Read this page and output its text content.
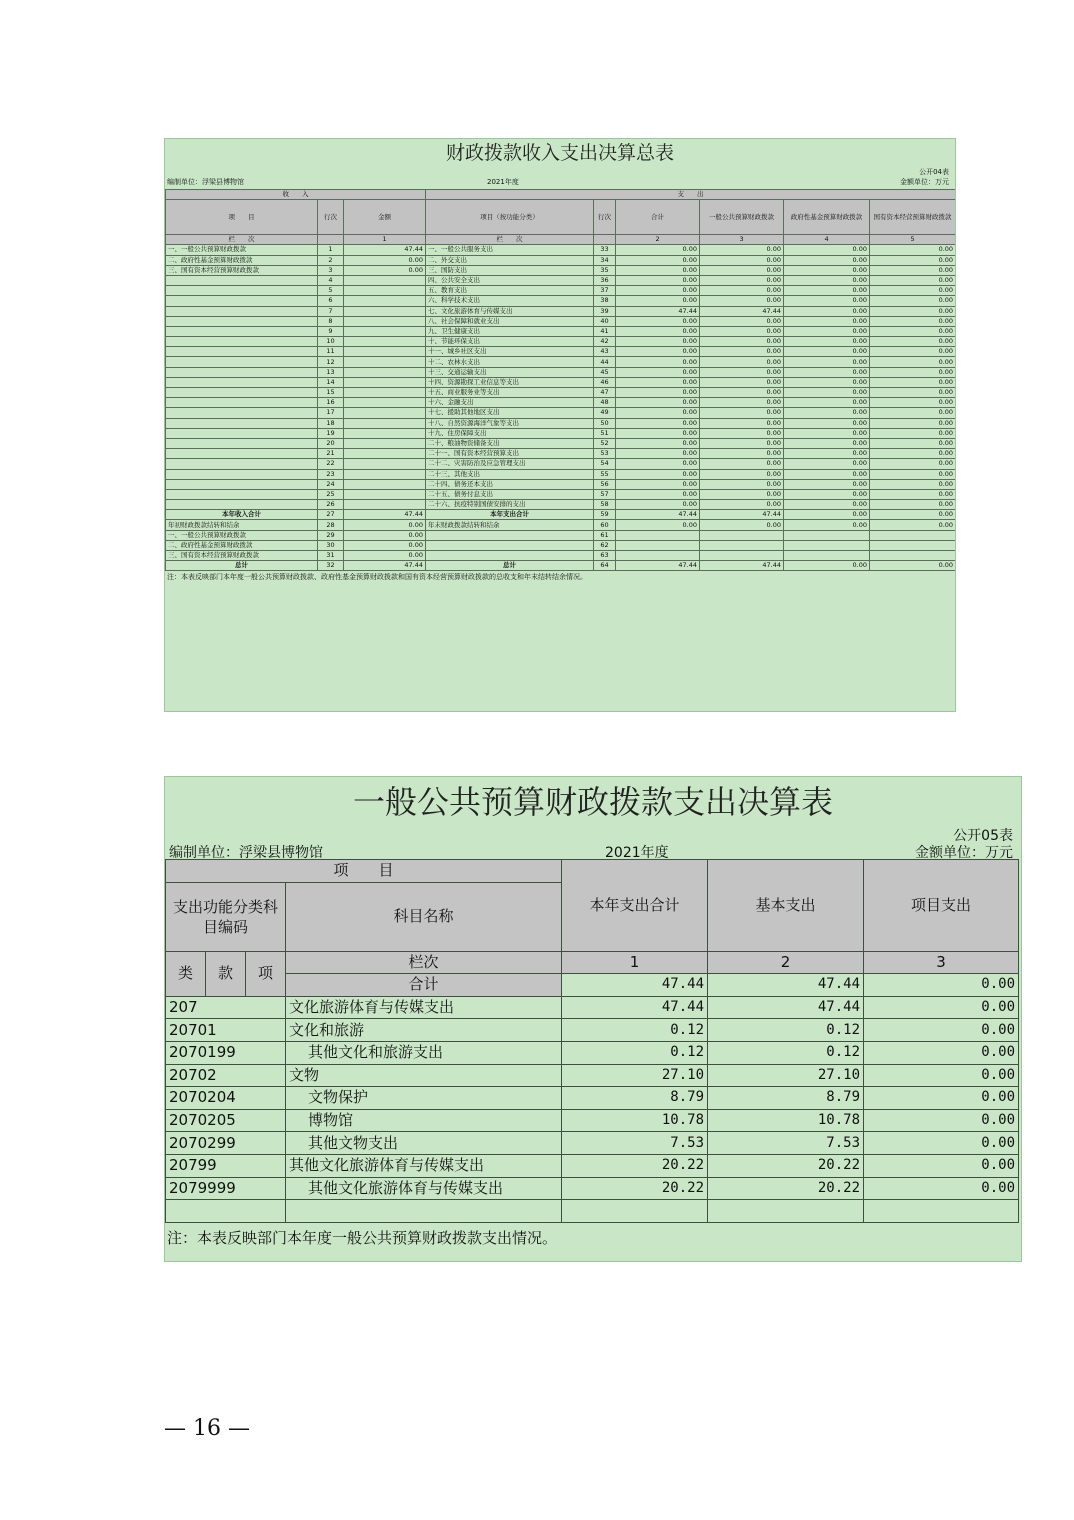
财政拨款收入支出决算总表
公开04表
编制单位：浮梁县博物馆	2021年度	金额单位：万元
收　　入			支　　出					
项　　目	行次	金额	项目（按功能分类）	行次	合计	一般公共预算财政拨款	政府性基金预算财政拨款	国有资本经营预算财政拨款
栏　　次		1	栏　　次		2	3	4	5
一、一般公共预算财政拨款	1	47.44	一、一般公共服务支出	33	0.00	0.00	0.00	0.00
二、政府性基金预算财政拨款	2	0.00	二、外交支出	34	0.00	0.00	0.00	0.00
三、国有资本经营预算财政拨款	3	0.00	三、国防支出	35	0.00	0.00	0.00	0.00
	4		四、公共安全支出	36	0.00	0.00	0.00	0.00
	5		五、教育支出	37	0.00	0.00	0.00	0.00
	6		六、科学技术支出	38	0.00	0.00	0.00	0.00
	7		七、文化旅游体育与传媒支出	39	47.44	47.44	0.00	0.00
	8		八、社会保障和就业支出	40	0.00	0.00	0.00	0.00
	9		九、卫生健康支出	41	0.00	0.00	0.00	0.00
	10		十、节能环保支出	42	0.00	0.00	0.00	0.00
	11		十一、城乡社区支出	43	0.00	0.00	0.00	0.00
	12		十二、农林水支出	44	0.00	0.00	0.00	0.00
	13		十三、交通运输支出	45	0.00	0.00	0.00	0.00
	14		十四、资源勘探工业信息等支出	46	0.00	0.00	0.00	0.00
	15		十五、商业服务业等支出	47	0.00	0.00	0.00	0.00
	16		十六、金融支出	48	0.00	0.00	0.00	0.00
	17		十七、援助其他地区支出	49	0.00	0.00	0.00	0.00
	18		十八、自然资源海洋气象等支出	50	0.00	0.00	0.00	0.00
	19		十九、住房保障支出	51	0.00	0.00	0.00	0.00
	20		二十、粮油物资储备支出	52	0.00	0.00	0.00	0.00
	21		二十一、国有资本经营预算支出	53	0.00	0.00	0.00	0.00
	22		二十二、灾害防治及应急管理支出	54	0.00	0.00	0.00	0.00
	23		二十三、其他支出	55	0.00	0.00	0.00	0.00
	24		二十四、债务还本支出	56	0.00	0.00	0.00	0.00
	25		二十五、债务付息支出	57	0.00	0.00	0.00	0.00
	26		二十六、抗疫特别国债安排的支出	58	0.00	0.00	0.00	0.00
本年收入合计	27	47.44	本年支出合计	59	47.44	47.44	0.00	0.00
年初财政拨款结转和结余	28	0.00	年末财政拨款结转和结余	60	0.00	0.00	0.00	0.00
一、一般公共预算财政拨款	29	0.00		61				
二、政府性基金预算财政拨款	30	0.00		62				
三、国有资本经营预算财政拨款	31	0.00		63				
总计	32	47.44	总计	64	47.44	47.44	0.00	0.00
注：本表反映部门本年度一般公共预算财政拨款、政府性基金预算财政拨款和国有资本经营预算财政拨款的总收支和年末结转结余情况。
一般公共预算财政拨款支出决算表
公开05表
编制单位：浮梁县博物馆	2021年度	金额单位：万元
项　　目				本年支出合计	基本支出	项目支出
支出功能分类科目编码			科目名称			

类	款	项	栏次	1	2	3
			合计	47.44	47.44	0.00
207			文化旅游体育与传媒支出	47.44	47.44	0.00
20701			文化和旅游	0.12	0.12	0.00
2070199			其他文化和旅游支出	0.12	0.12	0.00
20702			文物	27.10	27.10	0.00
2070204			文物保护	8.79	8.79	0.00
2070205			博物馆	10.78	10.78	0.00
2070299			其他文物支出	7.53	7.53	0.00
20799			其他文化旅游体育与传媒支出	20.22	20.22	0.00
2079999			其他文化旅游体育与传媒支出	20.22	20.22	0.00

注：本表反映部门本年度一般公共预算财政拨款支出情况。
— 16 —
